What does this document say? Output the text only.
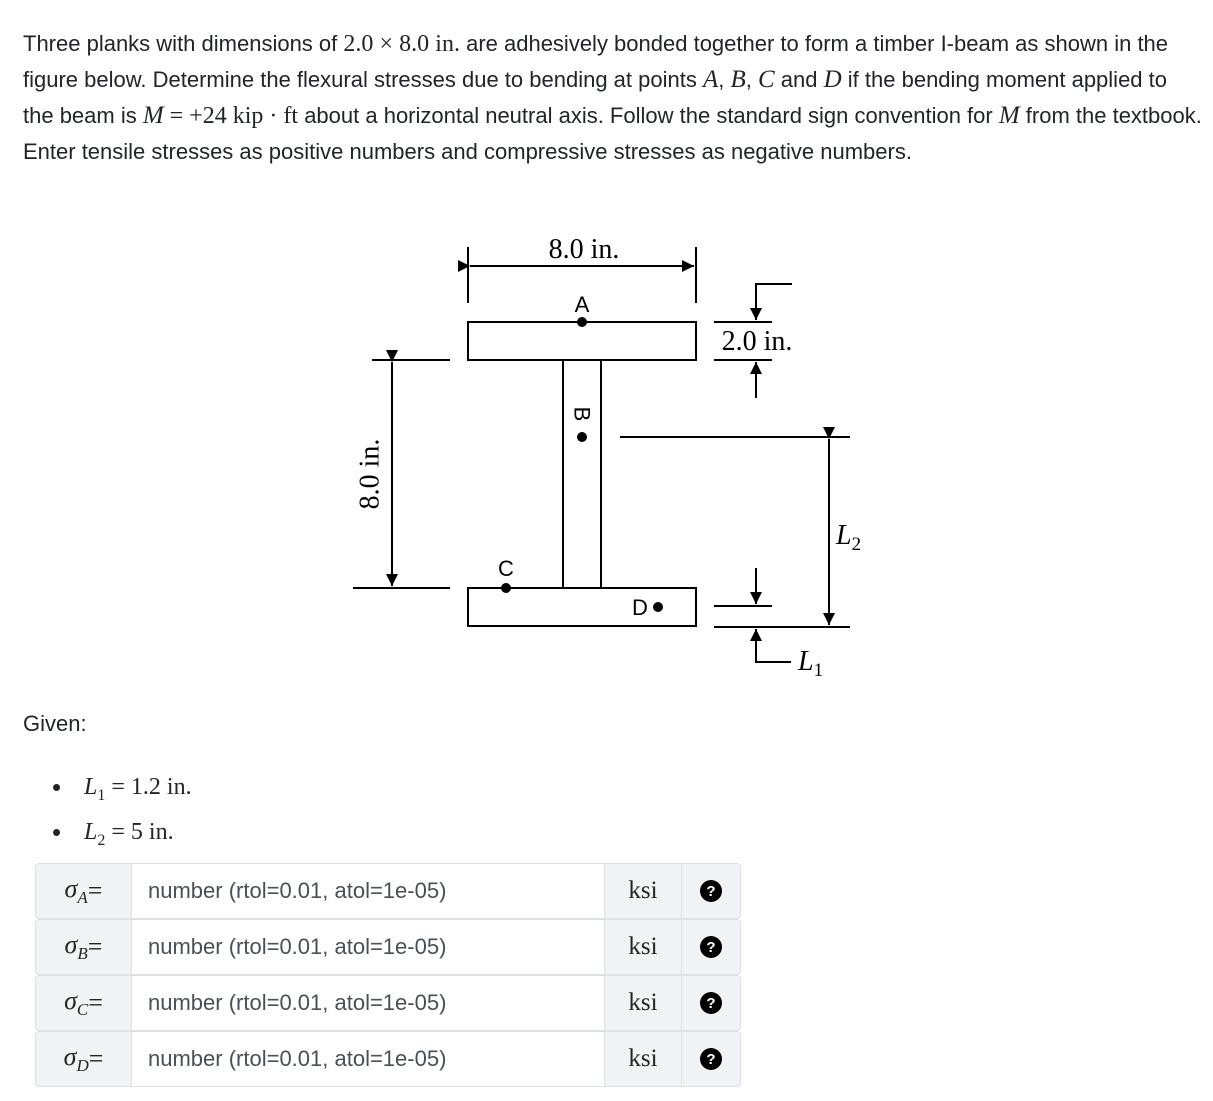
Three planks with dimensions of 2.0 × 8.0 in. are adhesively bonded together to form a timber I-beam as shown in the figure below. Determine the flexural stresses due to bending at points A, B, C and D if the bending moment applied to the beam is M = +24 kip · ft about a horizontal neutral axis. Follow the standard sign convention for M from the textbook. Enter tensile stresses as positive numbers and compressive stresses as negative numbers.

A
B
C
D
8.0 in.
8.0 in.
2.0 in.
$L_2$
$L_1$

Given:

• $L_1 = 1.2$ in.
• $L_2 = 5$ in.
$\sigma_A$ =
number (rtol=0.01, atol=1e-05)	ksi	?
$\sigma_B$ =
number (rtol=0.01, atol=1e-05)	ksi	?
$\sigma_C$ =
number (rtol=0.01, atol=1e-05)	ksi	?
$\sigma_D$ =
number (rtol=0.01, atol=1e-05)	ksi	?
